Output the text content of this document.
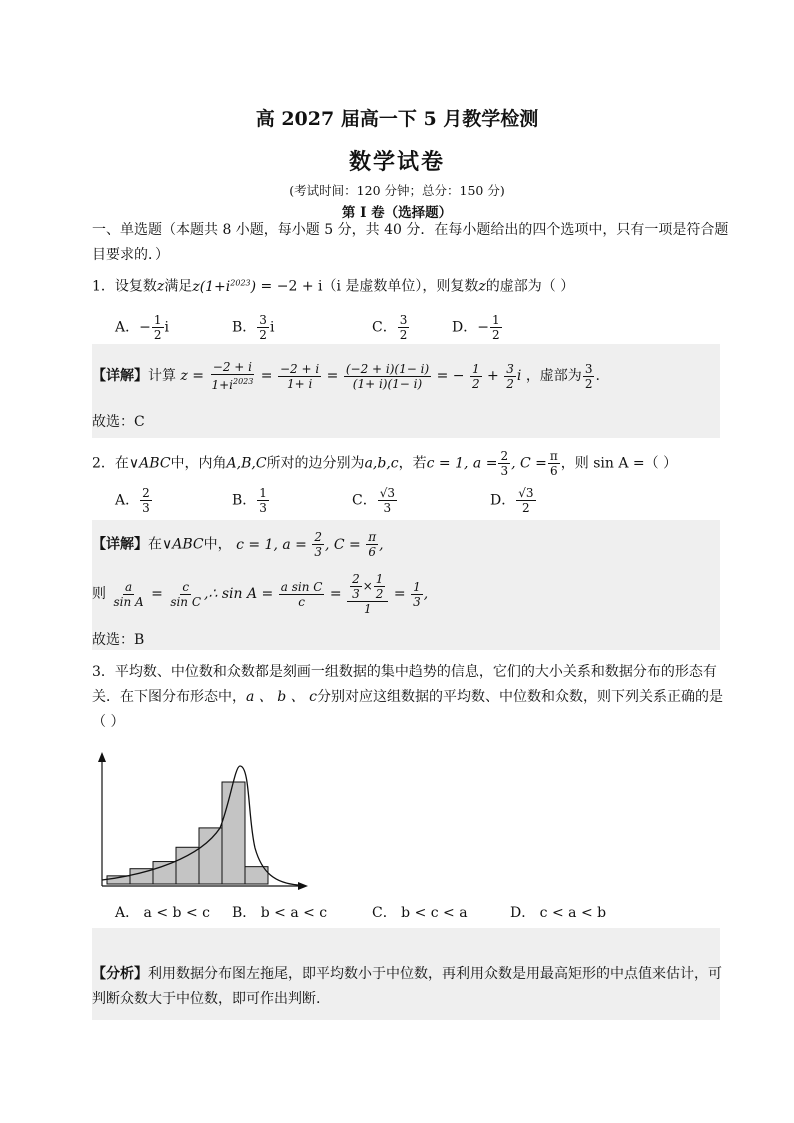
高 2027 届高一下 5 月教学检测
数学试卷
(考试时间：120 分钟；总分：150 分)
第 I 卷（选择题）
一、单选题（本题共 8 小题，每小题 5 分，共 40 分．在每小题给出的四个选项中，只有一项是符合题
目要求的．）
1．设复数z满足$z(1+i^{2023}) = -2 + i(i$ 是虚数单位），则复数z的虚部为（ ）
A．− $\frac{1}{2}$ i	B． $\frac{3}{2}$ i	C． $\frac{3}{2}$	D．− $\frac{1}{2}$
【详解】计算 $z = \frac{-2 + i}{1+i^{2023}} = \frac{-2 + i}{1+ i} = \frac{(-2 + i)(1- i)}{(1+ i)(1- i)}$ = − $\frac{1}{2} + \frac{3}{2}$ i ，虚部为 $\frac{3}{2}$ .
故选：C
2．在∨ABC中，内角A,B,C所对的边分别为a,b,c，若c = 1, $a = \frac{2}{3}$ , $C = \frac{\pi}{6}$ ，则 sin A =（ ）
A． $\frac{2}{3}$	B． $\frac{1}{3}$	C． $\frac{√3}{3}$	D． $\frac{√3}{2}$
【详解】在∨ABC中， c = 1, $a = \frac{2}{3}$ , $C = \frac{\pi}{6}$ ,
则 $\frac{a}{\text{sin A}} = \frac{c}{\text{sin C}}$ ,∴ $\sin A = \frac{\text{a sin C}}{c} = \frac{\frac{2}{3} \times \frac{1}{2}}{1} = \frac{1}{3}$ ,
故选：B
3．平均数、中位数和众数都是刻画一组数据的集中趋势的信息，它们的大小关系和数据分布的形态有
关．在下图分布形态中，a 、 b 、 c分别对应这组数据的平均数、中位数和众数，则下列关系正确的是
（ ）
A． a < b < c B． b < a < c	C． b < c < a	D． c < a < b
【分析】利用数据分布图左拖尾，即平均数小于中位数，再利用众数是用最高矩形的中点值来估计，可
判断众数大于中位数，即可作出判断.
